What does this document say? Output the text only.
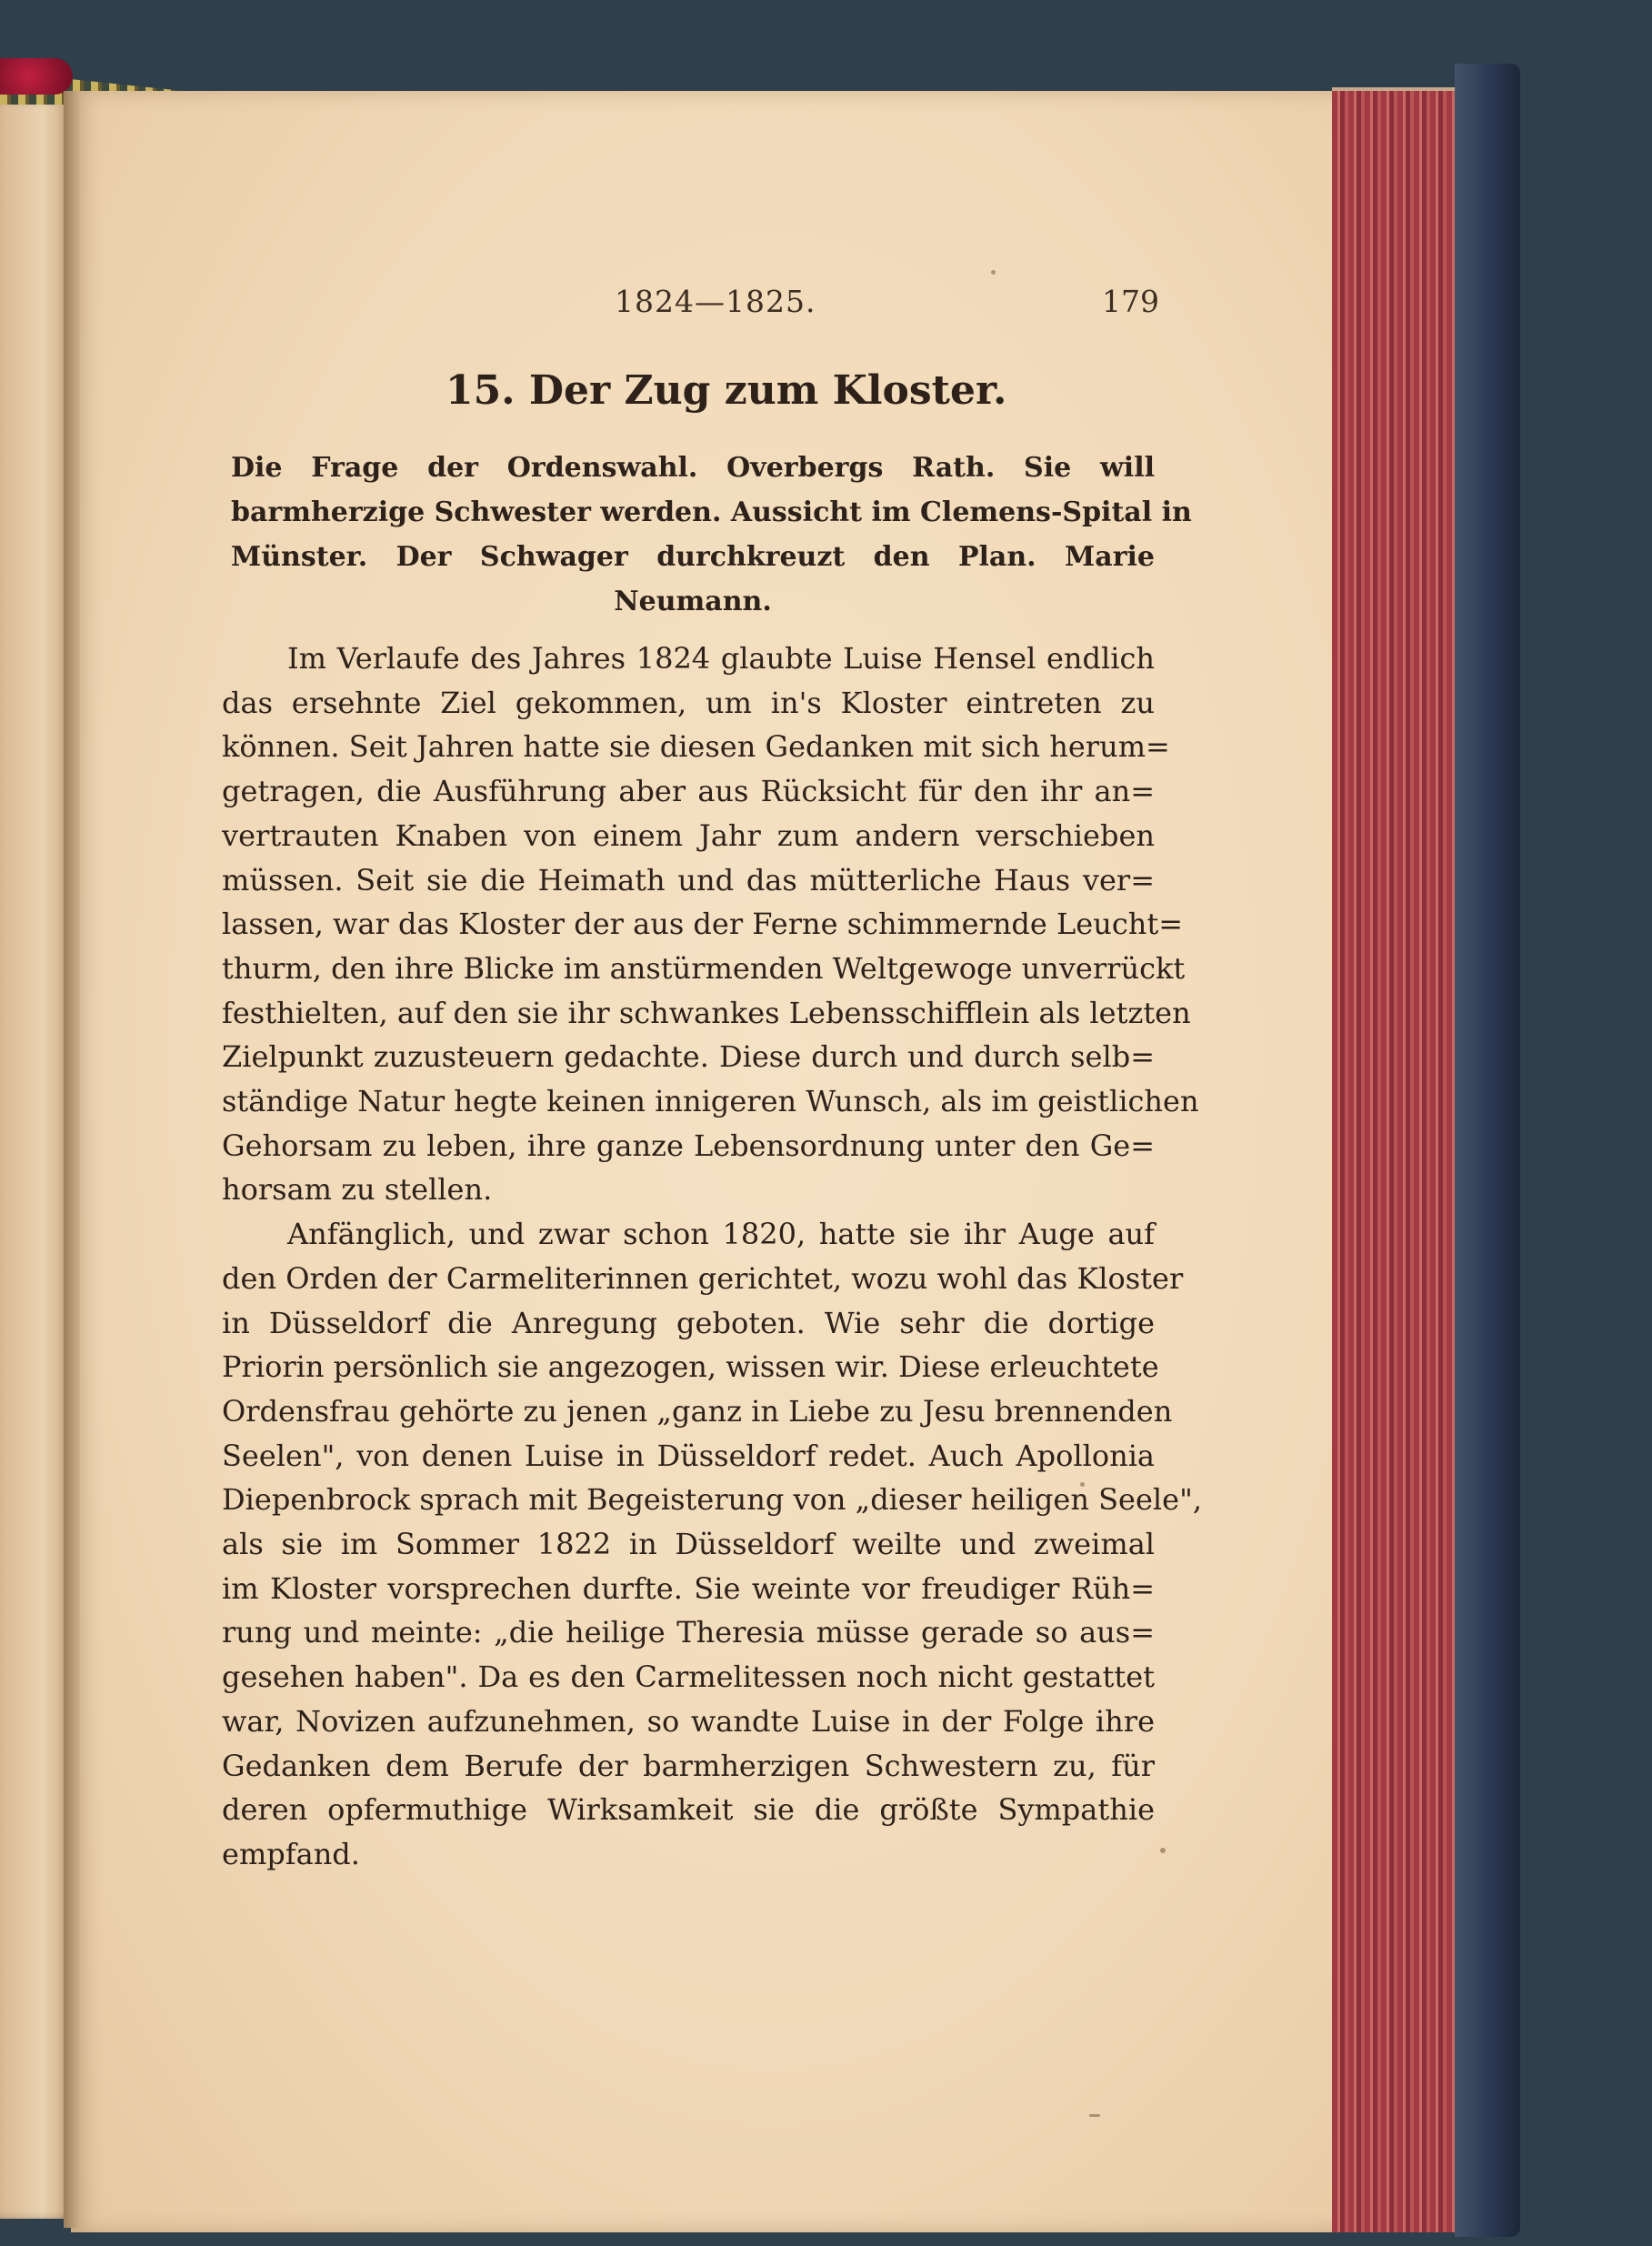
1824—1825.	179
15. Der Zug zum Kloster.
Die Frage der Ordenswahl. Overbergs Rath. Sie will
barmherzige Schwester werden. Aussicht im Clemens-Spital in
Münster. Der Schwager durchkreuzt den Plan. Marie
Neumann.
Im Verlaufe des Jahres 1824 glaubte Luise Hensel endlich
das ersehnte Ziel gekommen, um in's Kloster eintreten zu
können. Seit Jahren hatte sie diesen Gedanken mit sich herum=
getragen, die Ausführung aber aus Rücksicht für den ihr an=
vertrauten Knaben von einem Jahr zum andern verschieben
müssen. Seit sie die Heimath und das mütterliche Haus ver=
lassen, war das Kloster der aus der Ferne schimmernde Leucht=
thurm, den ihre Blicke im anstürmenden Weltgewoge unverrückt
festhielten, auf den sie ihr schwankes Lebensschifflein als letzten
Zielpunkt zuzusteuern gedachte. Diese durch und durch selb=
ständige Natur hegte keinen innigeren Wunsch, als im geistlichen
Gehorsam zu leben, ihre ganze Lebensordnung unter den Ge=
horsam zu stellen.
Anfänglich, und zwar schon 1820, hatte sie ihr Auge auf
den Orden der Carmeliterinnen gerichtet, wozu wohl das Kloster
in Düsseldorf die Anregung geboten. Wie sehr die dortige
Priorin persönlich sie angezogen, wissen wir. Diese erleuchtete
Ordensfrau gehörte zu jenen „ganz in Liebe zu Jesu brennenden
Seelen", von denen Luise in Düsseldorf redet. Auch Apollonia
Diepenbrock sprach mit Begeisterung von „dieser heiligen Seele",
als sie im Sommer 1822 in Düsseldorf weilte und zweimal
im Kloster vorsprechen durfte. Sie weinte vor freudiger Rüh=
rung und meinte: „die heilige Theresia müsse gerade so aus=
gesehen haben". Da es den Carmelitessen noch nicht gestattet
war, Novizen aufzunehmen, so wandte Luise in der Folge ihre
Gedanken dem Berufe der barmherzigen Schwestern zu, für
deren opfermuthige Wirksamkeit sie die größte Sympathie
empfand.
